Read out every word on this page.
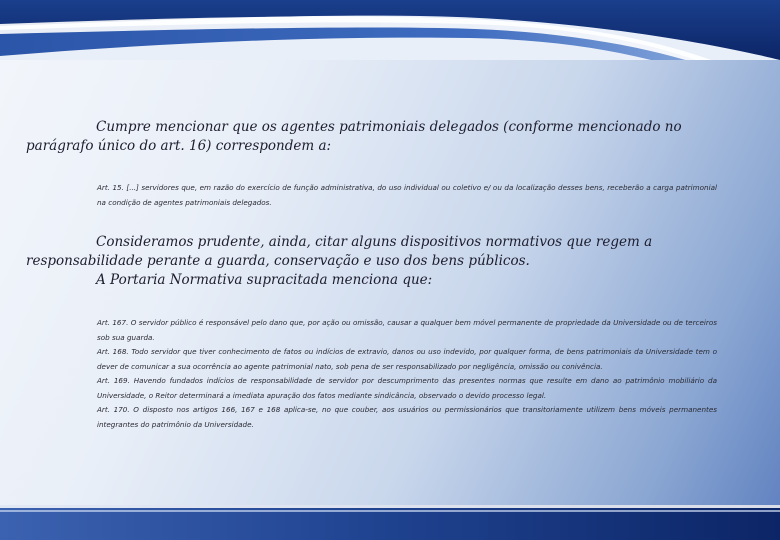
Cumpre mencionar que os agentes patrimoniais delegados (conforme mencionado no parágrafo único do art. 16) correspondem a:

Art. 15. [...] servidores que, em razão do exercício de função administrativa, do uso individual ou coletivo e/ ou da localização desses bens, receberão a carga patrimonial na condição de agentes patrimoniais delegados.

Consideramos prudente, ainda, citar alguns dispositivos normativos que regem a responsabilidade perante a guarda, conservação e uso dos bens públicos.

A Portaria Normativa supracitada menciona que:

Art. 167. O servidor público é responsável pelo dano que, por ação ou omissão, causar a qualquer bem móvel permanente de propriedade da Universidade ou de terceiros sob sua guarda.

Art. 168. Todo servidor que tiver conhecimento de fatos ou indícios de extravio, danos ou uso indevido, por qualquer forma, de bens patrimoniais da Universidade tem o dever de comunicar a sua ocorrência ao agente patrimonial nato, sob pena de ser responsabilizado por negligência, omissão ou conivência.

Art. 169. Havendo fundados indícios de responsabilidade de servidor por descumprimento das presentes normas que resulte em dano ao patrimônio mobiliário da Universidade, o Reitor determinará a imediata apuração dos fatos mediante sindicância, observado o devido processo legal.

Art. 170. O disposto nos artigos 166, 167 e 168 aplica-se, no que couber, aos usuários ou permissionários que transitoriamente utilizem bens móveis permanentes integrantes do patrimônio da Universidade.
